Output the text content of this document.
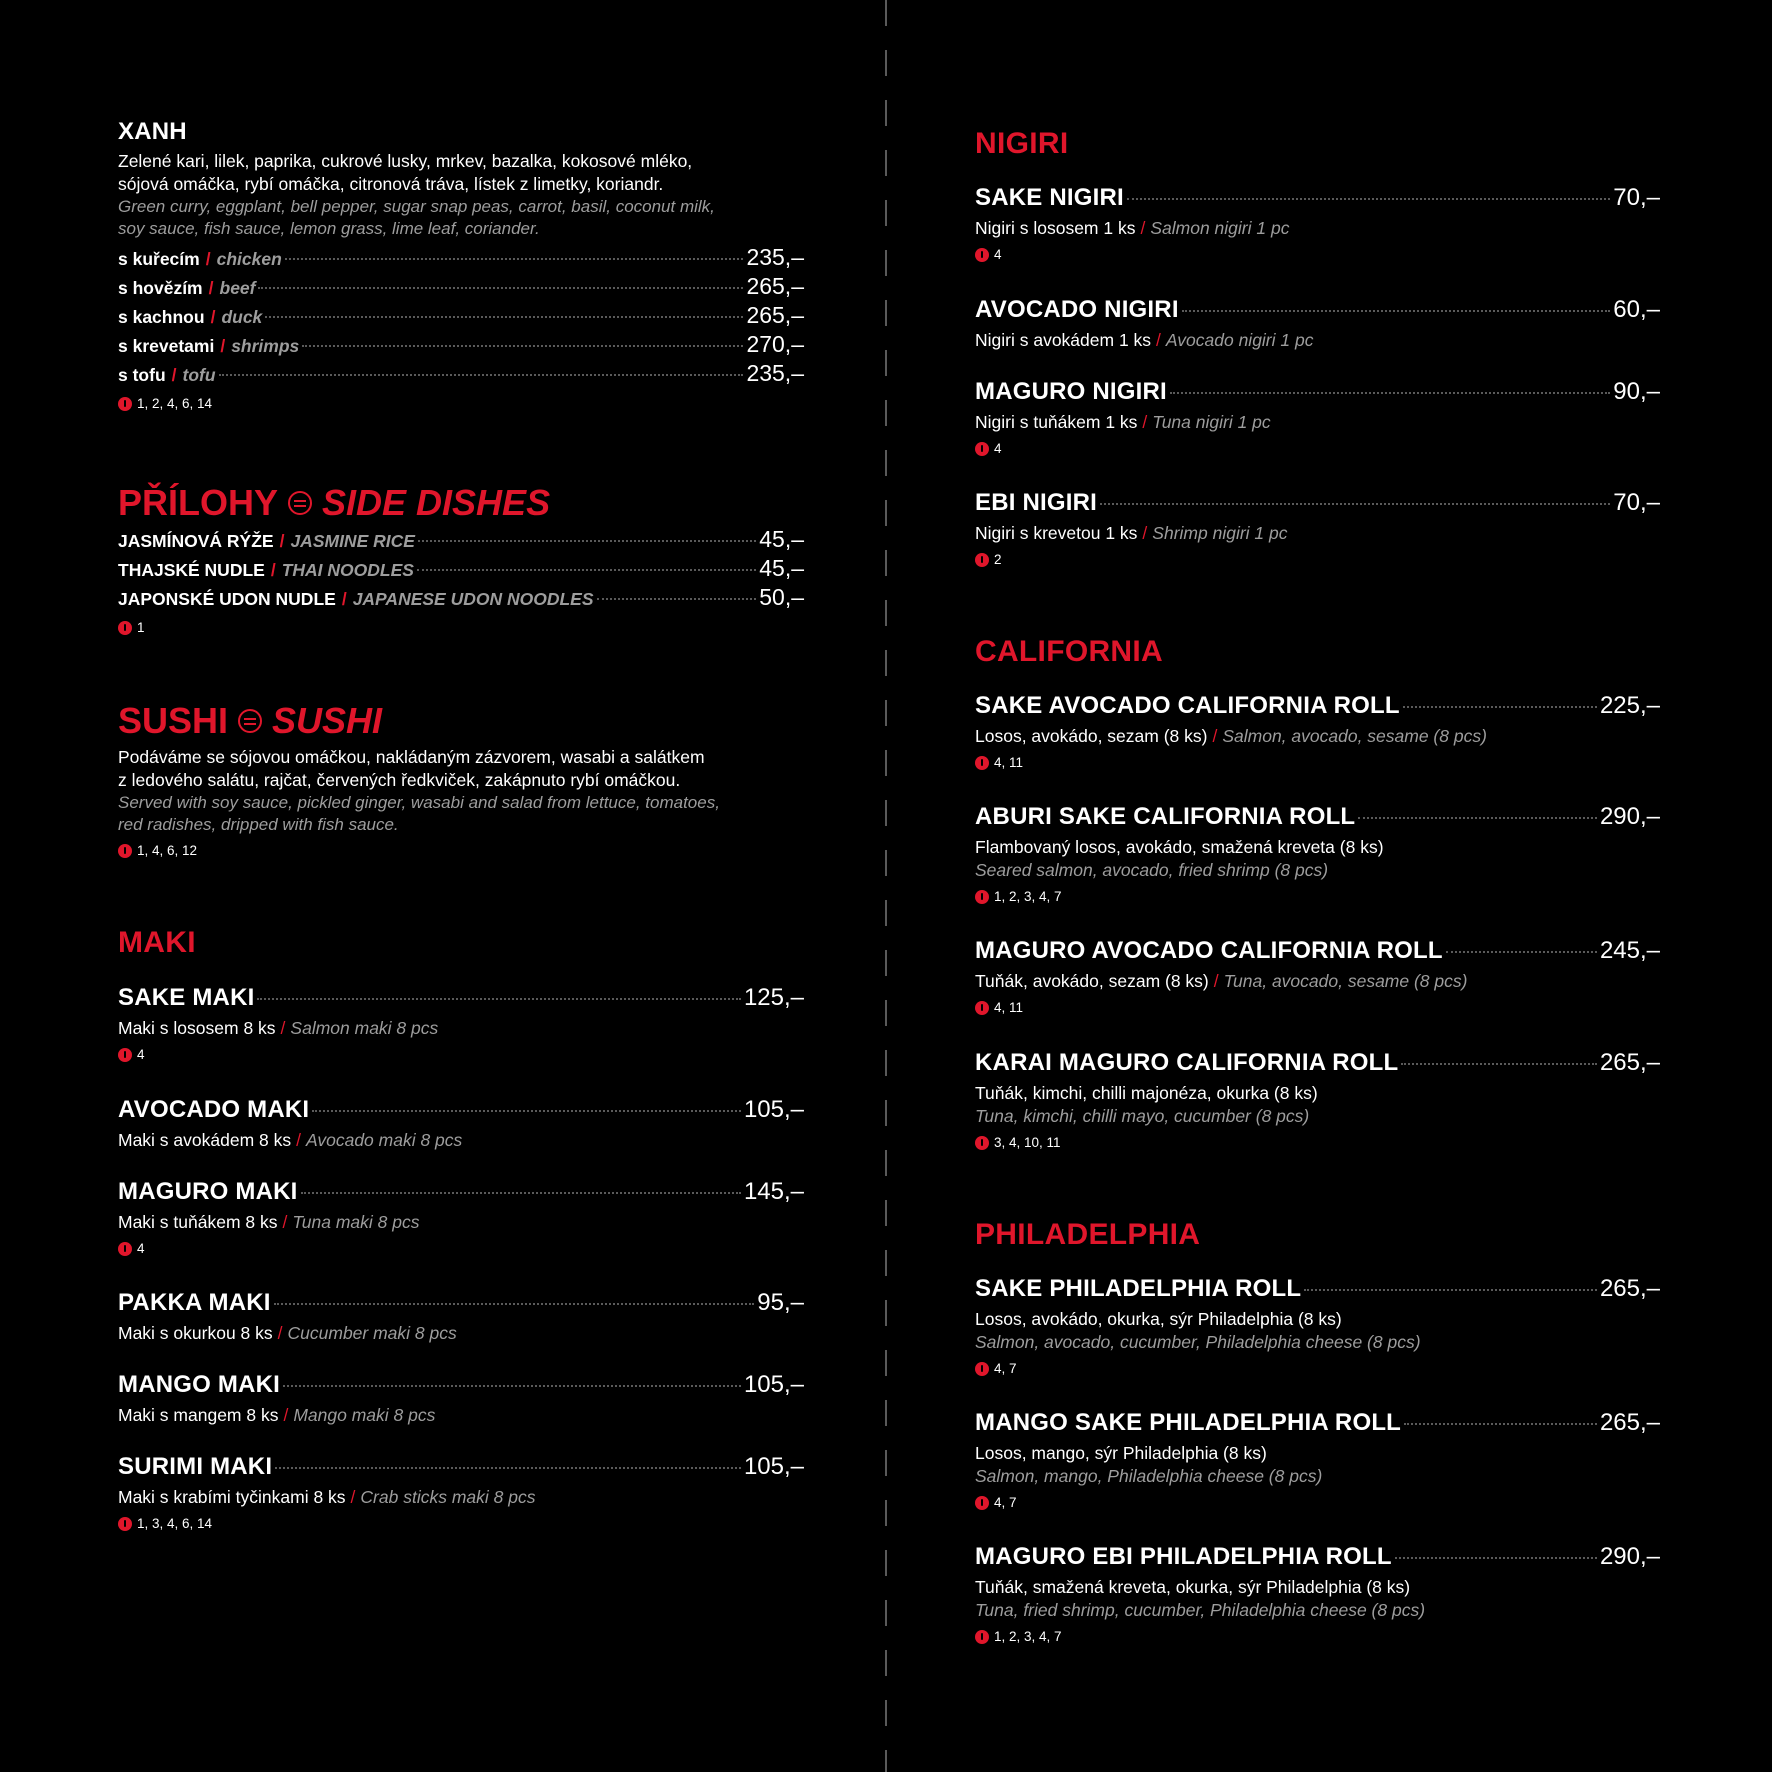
XANH
Zelené kari, lilek, paprika, cukrové lusky, mrkev, bazalka, kokosové mléko,
sójová omáčka, rybí omáčka, citronová tráva, lístek z limetky, koriandr.
Green curry, eggplant, bell pepper, sugar snap peas, carrot, basil, coconut milk,
soy sauce, fish sauce, lemon grass, lime leaf, coriander.
s kuřecím / chicken	235,–
s hovězím / beef	265,–
s kachnou / duck	265,–
s krevetami / shrimps	270,–
s tofu / tofu	235,–
1, 2, 4, 6, 14
PŘÍLOHY SIDE DISHES
JASMÍNOVÁ RÝŽE / JASMINE RICE	45,–
THAJSKÉ NUDLE / THAI NOODLES	45,–
JAPONSKÉ UDON NUDLE / JAPANESE UDON NOODLES	50,–
1
SUSHI SUSHI
Podáváme se sójovou omáčkou, nakládaným zázvorem, wasabi a salátkem
z ledového salátu, rajčat, červených ředkviček, zakápnuto rybí omáčkou.
Served with soy sauce, pickled ginger, wasabi and salad from lettuce, tomatoes,
red radishes, dripped with fish sauce.
1, 4, 6, 12
MAKI
SAKE MAKI	125,–
Maki s lososem 8 ks / Salmon maki 8 pcs
4
AVOCADO MAKI	105,–
Maki s avokádem 8 ks / Avocado maki 8 pcs
MAGURO MAKI	145,–
Maki s tuňákem 8 ks / Tuna maki 8 pcs
4
PAKKA MAKI	95,–
Maki s okurkou 8 ks / Cucumber maki 8 pcs
MANGO MAKI	105,–
Maki s mangem 8 ks / Mango maki 8 pcs
SURIMI MAKI	105,–
Maki s krabími tyčinkami 8 ks / Crab sticks maki 8 pcs
1, 3, 4, 6, 14
NIGIRI
SAKE NIGIRI	70,–
Nigiri s lososem 1 ks / Salmon nigiri 1 pc
4
AVOCADO NIGIRI	60,–
Nigiri s avokádem 1 ks / Avocado nigiri 1 pc
MAGURO NIGIRI	90,–
Nigiri s tuňákem 1 ks / Tuna nigiri 1 pc
4
EBI NIGIRI	70,–
Nigiri s krevetou 1 ks / Shrimp nigiri 1 pc
2
CALIFORNIA
SAKE AVOCADO CALIFORNIA ROLL	225,–
Losos, avokádo, sezam (8 ks) / Salmon, avocado, sesame (8 pcs)
4, 11
ABURI SAKE CALIFORNIA ROLL	290,–
Flambovaný losos, avokádo, smažená kreveta (8 ks)
Seared salmon, avocado, fried shrimp (8 pcs)
1, 2, 3, 4, 7
MAGURO AVOCADO CALIFORNIA ROLL	245,–
Tuňák, avokádo, sezam (8 ks) / Tuna, avocado, sesame (8 pcs)
4, 11
KARAI MAGURO CALIFORNIA ROLL	265,–
Tuňák, kimchi, chilli majonéza, okurka (8 ks)
Tuna, kimchi, chilli mayo, cucumber (8 pcs)
3, 4, 10, 11
PHILADELPHIA
SAKE PHILADELPHIA ROLL	265,–
Losos, avokádo, okurka, sýr Philadelphia (8 ks)
Salmon, avocado, cucumber, Philadelphia cheese (8 pcs)
4, 7
MANGO SAKE PHILADELPHIA ROLL	265,–
Losos, mango, sýr Philadelphia (8 ks)
Salmon, mango, Philadelphia cheese (8 pcs)
4, 7
MAGURO EBI PHILADELPHIA ROLL	290,–
Tuňák, smažená kreveta, okurka, sýr Philadelphia (8 ks)
Tuna, fried shrimp, cucumber, Philadelphia cheese (8 pcs)
1, 2, 3, 4, 7
